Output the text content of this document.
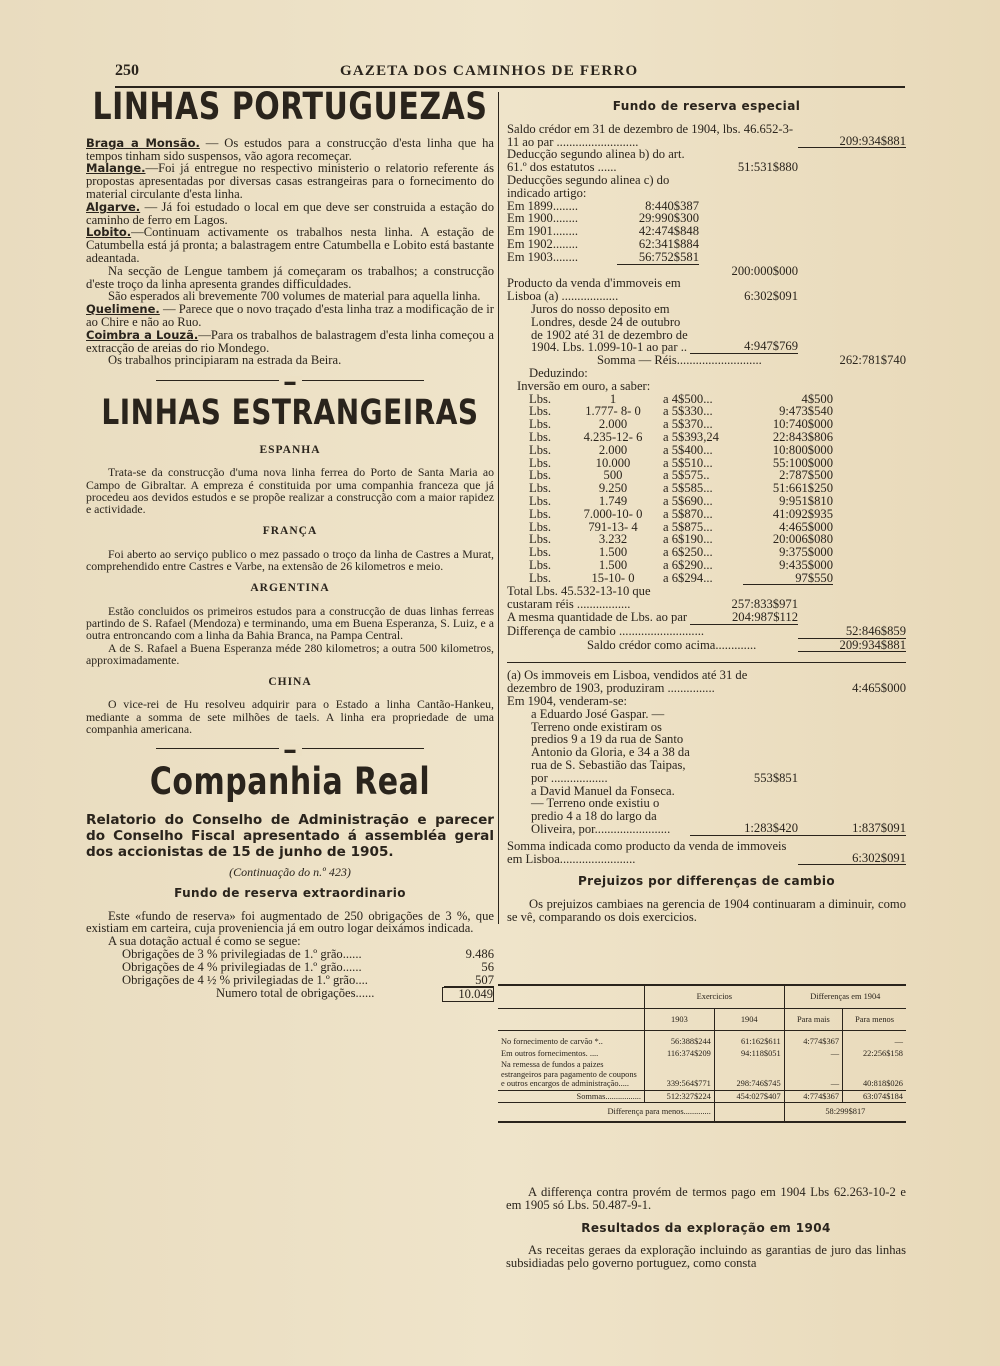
250	GAZETA DOS CAMINHOS DE FERRO
LINHAS PORTUGUEZAS

Braga a Monsão. — Os estudos para a construcção d'esta linha que ha tempos tinham sido suspensos, vão agora recomeçar.

Malange.—Foi já entregue no respectivo ministerio o relatorio referente ás propostas apresentadas por diversas casas estrangeiras para o fornecimento do material circulante d'esta linha.

Algarve. — Já foi estudado o local em que deve ser construida a estação do caminho de ferro em Lagos.

Lobito.—Continuam activamente os trabalhos nesta linha. A estação de Catumbella está já pronta; a balastragem entre Catumbella e Lobito está bastante adeantada.

Na secção de Lengue tambem já começaram os trabalhos; a construcção d'este troço da linha apresenta grandes difficuldades.

São esperados ali brevemente 700 volumes de material para aquella linha.

Quelimene. — Parece que o novo traçado d'esta linha traz a modificação de ir ao Chire e não ao Ruo.

Coimbra a Louzã.—Para os trabalhos de balastragem d'esta linha começou a extracção de areias do rio Mondego.

Os trabalhos principiaram na estrada da Beira.

▬
LINHAS ESTRANGEIRAS
ESPANHA

Trata-se da construcção d'uma nova linha ferrea do Porto de Santa Maria ao Campo de Gibraltar. A empreza é constituida por uma companhia franceza que já procedeu aos devidos estudos e se propõe realizar a construcção com a maior rapidez e actividade.

FRANÇA

Foi aberto ao serviço publico o mez passado o troço da linha de Castres a Murat, comprehendido entre Castres e Varbe, na extensão de 26 kilometros e meio.

ARGENTINA

Estão concluidos os primeiros estudos para a construcção de duas linhas ferreas partindo de S. Rafael (Mendoza) e terminando, uma em Buena Esperanza, S. Luiz, e a outra entroncando com a linha da Bahia Branca, na Pampa Central.

A de S. Rafael a Buena Esperanza méde 280 kilometros; a outra 500 kilometros, approximadamente.

CHINA

O vice-rei de Hu resolveu adquirir para o Estado a linha Cantão-Hankeu, mediante a somma de sete milhões de taels. A linha era propriedade de uma companhia americana.

▬
Companhia Real
Relatorio do Conselho de Administração e parecer do Conselho Fiscal apresentado á assembléa geral dos accionistas de 15 de junho de 1905.
(Continuação do n.º 423)
Fundo de reserva extraordinario

Este «fundo de reserva» foi augmentado de 250 obrigações de 3 %, que existiam em carteira, cuja proveniencia já em outro logar deixámos indicada.

A sua dotação actual é como se segue:

Obrigações de 3 % privilegiadas de 1.º grão......	9.486
Obrigações de 4 % privilegiadas de 1.º grão......	56
Obrigações de 4 ½ % privilegiadas de 1.º grão....	507
Numero total de obrigações......	10.049
Fundo de reserva especial
Saldo crédor em 31 de dezembro de 1904, lbs. 46.652-3-11 ao par ..........................	209:934$881
Deducção segundo alinea b) do art. 61.º dos estatutos ......	51:531$880
Deducções segundo alinea c) do indicado artigo:
Em 1899........	8:440$387
Em 1900........	29:990$300
Em 1901........	42:474$848
Em 1902........	62:341$884
Em 1903........	56:752$581
200:000$000
Producto da venda d'immoveis em Lisboa (a) ..................	6:302$091
Juros do nosso deposito em Londres, desde 24 de outubro de 1902 até 31 de dezembro de 1904. Lbs. 1.099-10-1 ao par ..	4:947$769
Somma — Réis...........................	262:781$740
Deduzindo:
Inversão em ouro, a saber:
Lbs.	1	a 4$500...	4$500
Lbs.	1.777- 8- 0	a 5$330...	9:473$540
Lbs.	2.000	a 5$370...	10:740$000
Lbs.	4.235-12- 6	a 5$393,24	22:843$806
Lbs.	2.000	a 5$400...	10:800$000
Lbs.	10.000	a 5$510...	55:100$000
Lbs.	500	a 5$575..	2:787$500
Lbs.	9.250	a 5$585...	51:661$250
Lbs.	1.749	a 5$690...	9:951$810
Lbs.	7.000-10- 0	a 5$870...	41:092$935
Lbs.	791-13- 4	a 5$875...	4:465$000
Lbs.	3.232	a 6$190...	20:006$080
Lbs.	1.500	a 6$250...	9:375$000
Lbs.	1.500	a 6$290...	9:435$000
Lbs.	15-10- 0	a 6$294...	97$550
Total Lbs. 45.532-13-10 que custaram réis .................	257:833$971
A mesma quantidade de Lbs. ao par	204:987$112
Differença de cambio ...........................	52:846$859
Saldo crédor como acima.............	209:934$881
(a) Os immoveis em Lisboa, vendidos até 31 de dezembro de 1903, produziram ...............	4:465$000
Em 1904, venderam-se:
a Eduardo José Gaspar. — Terreno onde existiram os predios 9 a 19 da rua de Santo Antonio da Gloria, e 34 a 38 da rua de S. Sebastião das Taipas, por ..................	553$851
a David Manuel da Fonseca. — Terreno onde existiu o predio 4 a 18 do largo da Oliveira, por........................	1:283$420	1:837$091
Somma indicada como producto da venda de immoveis em Lisboa........................	6:302$091
Prejuizos por differenças de cambio

Os prejuizos cambiaes na gerencia de 1904 continuaram a diminuir, como se vê, comparando os dois exercicios.

	Exercicios		Differenças em 1904	
	1903	1904	Para mais	Para menos
No fornecimento de carvão *..	56:388$244	61:162$611	4:774$367	—
Em outros fornecimentos. ....	116:374$209	94:118$051	—	22:256$158
Na remessa de fundos a paizes estrangeiros para pagamento de coupons e outros encargos de administração.....	339:564$771	298:746$745	—	40:818$026
Sommas.................	512:327$224	454:027$407	4:774$367	63:074$184
Differença para menos.............			58:299$817	

A differença contra provém de termos pago em 1904 Lbs 62.263-10-2 e em 1905 só Lbs. 50.487-9-1.

Resultados da exploração em 1904

As receitas geraes da exploração incluindo as garantias de juro das linhas subsidiadas pelo governo portuguez, como consta
